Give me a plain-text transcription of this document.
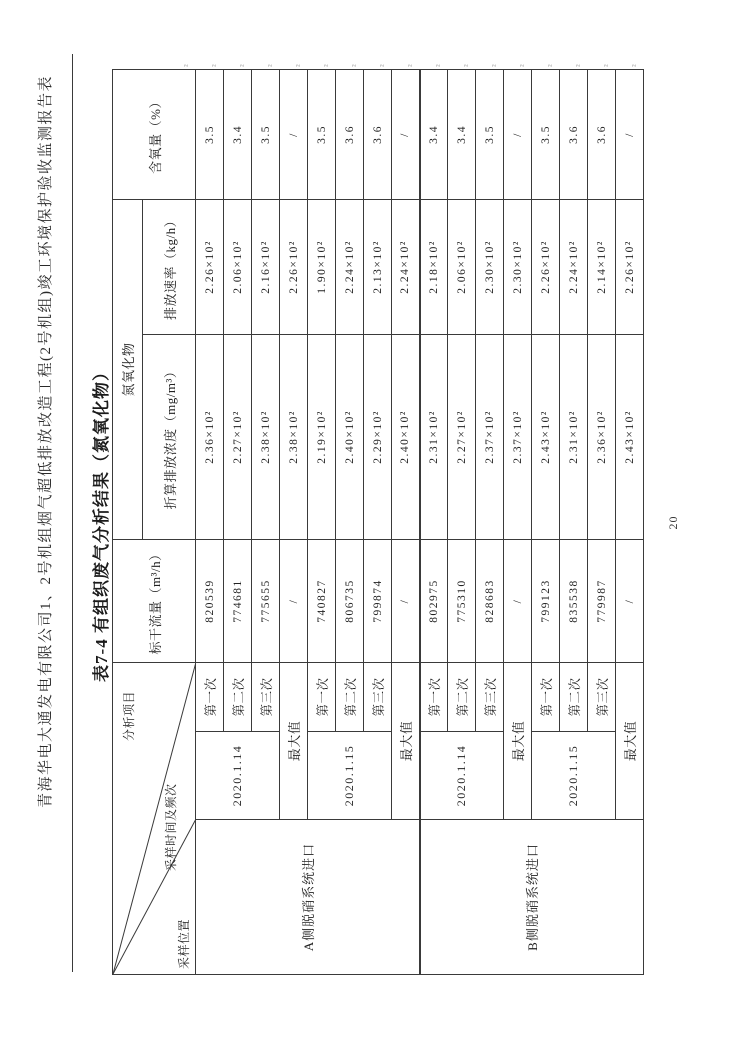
青海华电大通发电有限公司1、2号机组烟气超低排放改造工程(2号机组)竣工环境保护验收监测报告表 表7-4 有组织废气分析结果（氮氧化物）
分析项目
采样时间及频次
采样位置			标干流量（m³/h）	氮氧化物		含氧量（%）
				折算排放浓度（mg/m³）	排放速率（kg/h）	
A侧脱硝系统进口	2020.1.14	第一次	820539	2.36×10²	2.26×10²	3.5
		第二次	774681	2.27×10²	2.06×10²	3.4
		第三次	775655	2.38×10²	2.16×10²	3.5
	最大值		/	2.38×10²	2.26×10²	/
	2020.1.15	第一次	740827	2.19×10²	1.90×10²	3.5
		第二次	806735	2.40×10²	2.24×10²	3.6
		第三次	799874	2.29×10²	2.13×10²	3.6
	最大值		/	2.40×10²	2.24×10²	/
B侧脱硝系统进口	2020.1.14	第一次	802975	2.31×10²	2.18×10²	3.4
		第二次	775310	2.27×10²	2.06×10²	3.4
		第三次	828683	2.37×10²	2.30×10²	3.5
	最大值		/	2.37×10²	2.30×10²	/
	2020.1.15	第一次	799123	2.43×10²	2.26×10²	3.5
		第二次	835538	2.31×10²	2.24×10²	3.6
		第三次	779987	2.36×10²	2.14×10²	3.6
	最大值		/	2.43×10²	2.26×10²	/
² ² ² ² ² ² ² ² ² ² ² ² ² ² ² ² ²
20
